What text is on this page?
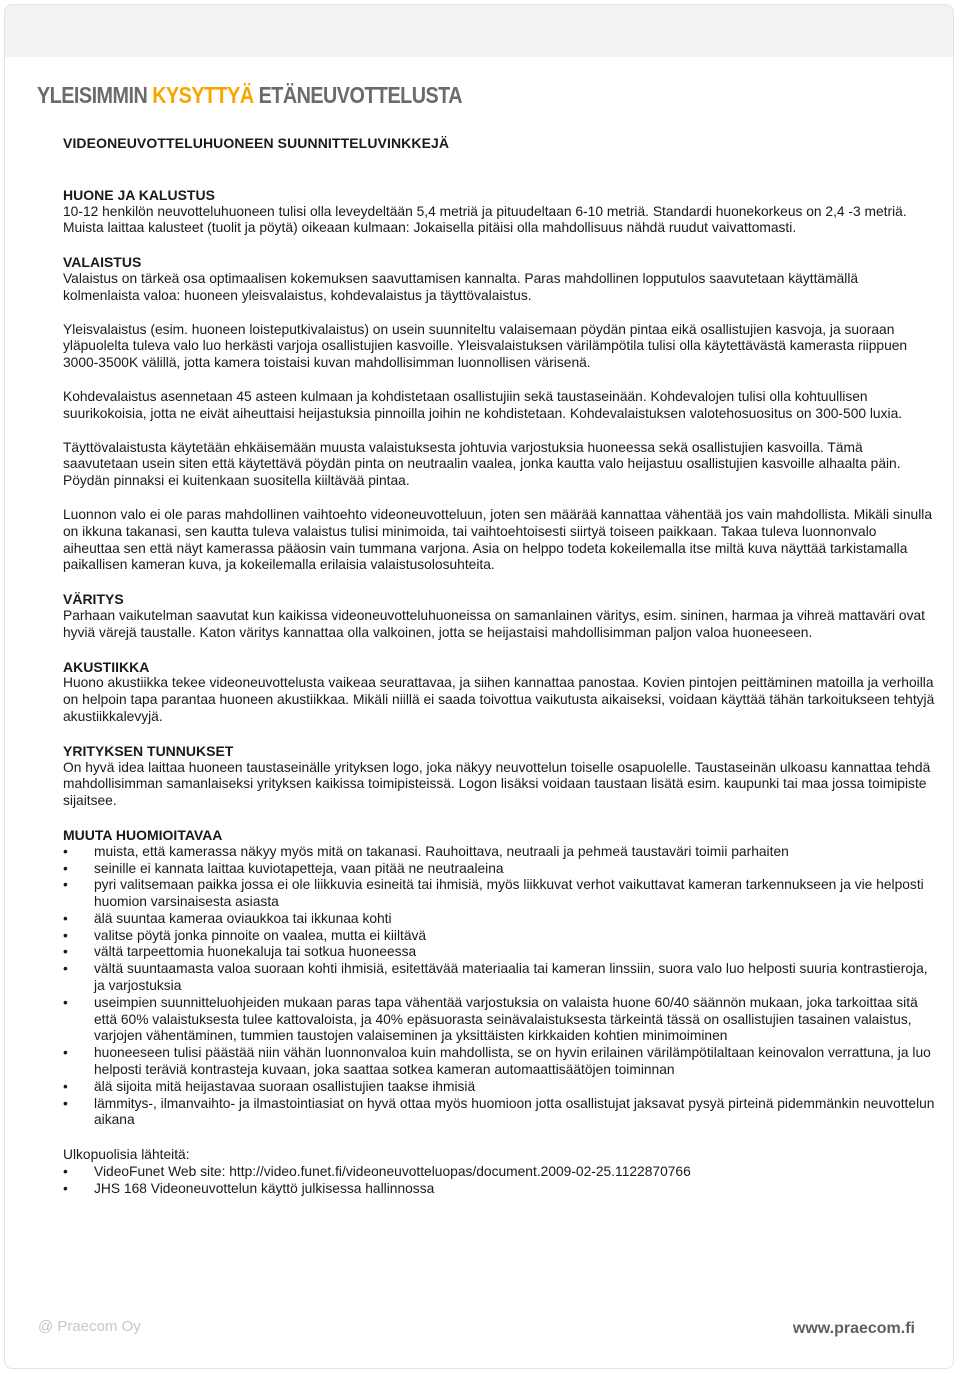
YLEISIMMIN KYSYTTYÄ ETÄNEUVOTTELUSTA
VIDEONEUVOTTELUHUONEEN SUUNNITTELUVINKKEJÄ
HUONE JA KALUSTUS

10-12 henkilön neuvotteluhuoneen tulisi olla leveydeltään 5,4 metriä ja pituudeltaan 6-10 metriä. Standardi huonekorkeus on 2,4 -3 metriä. Muista laittaa kalusteet (tuolit ja pöytä) oikeaan kulmaan: Jokaisella pitäisi olla mahdollisuus nähdä ruudut vaivattomasti.

VALAISTUS

Valaistus on tärkeä osa optimaalisen kokemuksen saavuttamisen kannalta. Paras mahdollinen lopputulos saavutetaan käyttämällä kolmenlaista valoa: huoneen yleisvalaistus, kohdevalaistus ja täyttövalaistus.

Yleisvalaistus (esim. huoneen loisteputkivalaistus) on usein suunniteltu valaisemaan pöydän pintaa eikä osallistujien kasvoja, ja suoraan yläpuolelta tuleva valo luo herkästi varjoja osallistujien kasvoille. Yleisvalaistuksen värilämpötila tulisi olla käytettävästä kamerasta riippuen 3000-3500K välillä, jotta kamera toistaisi kuvan mahdollisimman luonnollisen värisenä.

Kohdevalaistus asennetaan 45 asteen kulmaan ja kohdistetaan osallistujiin sekä taustaseinään. Kohdevalojen tulisi olla kohtuullisen suurikokoisia, jotta ne eivät aiheuttaisi heijastuksia pinnoilla joihin ne kohdistetaan. Kohdevalaistuksen valotehosuositus on 300-500 luxia.

Täyttövalaistusta käytetään ehkäisemään muusta valaistuksesta johtuvia varjostuksia huoneessa sekä osallistujien kasvoilla. Tämä saavutetaan usein siten että käytettävä pöydän pinta on neutraalin vaalea, jonka kautta valo heijastuu osallistujien kasvoille alhaalta päin. Pöydän pinnaksi ei kuitenkaan suositella kiiltävää pintaa.

Luonnon valo ei ole paras mahdollinen vaihtoehto videoneuvotteluun, joten sen määrää kannattaa vähentää jos vain mahdollista. Mikäli sinulla on ikkuna takanasi, sen kautta tuleva valaistus tulisi minimoida, tai vaihtoehtoisesti siirtyä toiseen paikkaan. Takaa tuleva luonnonvalo aiheuttaa sen että näyt kamerassa pääosin vain tummana varjona. Asia on helppo todeta kokeilemalla itse miltä kuva näyttää tarkistamalla paikallisen kameran kuva, ja kokeilemalla erilaisia valaistusolosuhteita.

VÄRITYS

Parhaan vaikutelman saavutat kun kaikissa videoneuvotteluhuoneissa on samanlainen väritys, esim. sininen, harmaa ja vihreä mattaväri ovat hyviä värejä taustalle. Katon väritys kannattaa olla valkoinen, jotta se heijastaisi mahdollisimman paljon valoa huoneeseen.

AKUSTIIKKA

Huono akustiikka tekee videoneuvottelusta vaikeaa seurattavaa, ja siihen kannattaa panostaa. Kovien pintojen peittäminen matoilla ja verhoilla on helpoin tapa parantaa huoneen akustiikkaa. Mikäli niillä ei saada toivottua vaikutusta aikaiseksi, voidaan käyttää tähän tarkoitukseen tehtyjä akustiikkalevyjä.

YRITYKSEN TUNNUKSET

On hyvä idea laittaa huoneen taustaseinälle yrityksen logo, joka näkyy neuvottelun toiselle osapuolelle. Taustaseinän ulkoasu kannattaa tehdä mahdollisimman samanlaiseksi yrityksen kaikissa toimipisteissä. Logon lisäksi voidaan taustaan lisätä esim. kaupunki tai maa jossa toimipiste sijaitsee.

MUUTA HUOMIOITAVAA
• muista, että kamerassa näkyy myös mitä on takanasi. Rauhoittava, neutraali ja pehmeä taustaväri toimii parhaiten
• seinille ei kannata laittaa kuviotapetteja, vaan pitää ne neutraaleina
• pyri valitsemaan paikka jossa ei ole liikkuvia esineitä tai ihmisiä, myös liikkuvat verhot vaikuttavat kameran tarkennukseen ja vie helposti huomion varsinaisesta asiasta
• älä suuntaa kameraa oviaukkoa tai ikkunaa kohti
• valitse pöytä jonka pinnoite on vaalea, mutta ei kiiltävä
• vältä tarpeettomia huonekaluja tai sotkua huoneessa
• vältä suuntaamasta valoa suoraan kohti ihmisiä, esitettävää materiaalia tai kameran linssiin, suora valo luo helposti suuria kontrastieroja, ja varjostuksia
• useimpien suunnitteluohjeiden mukaan paras tapa vähentää varjostuksia on valaista huone 60/40 säännön mukaan, joka tarkoittaa sitä että 60% valaistuksesta tulee kattovaloista, ja 40% epäsuorasta seinävalaistuksesta tärkeintä tässä on osallistujien tasainen valaistus, varjojen vähentäminen, tummien taustojen valaiseminen ja yksittäisten kirkkaiden kohtien minimoiminen
• huoneeseen tulisi päästää niin vähän luonnonvaloa kuin mahdollista, se on hyvin erilainen värilämpötilaltaan keinovalon verrattuna, ja luo helposti teräviä kontrasteja kuvaan, joka saattaa sotkea kameran automaattisäätöjen toiminnan
• älä sijoita mitä heijastavaa suoraan osallistujien taakse ihmisiä
• lämmitys-, ilmanvaihto- ja ilmastointiasiat on hyvä ottaa myös huomioon jotta osallistujat jaksavat pysyä pirteinä pidemmänkin neuvottelun aikana
Ulkopuolisia lähteitä:
• VideoFunet Web site: http://video.funet.fi/videoneuvotteluopas/document.2009-02-25.1122870766
• JHS 168 Videoneuvottelun käyttö julkisessa hallinnossa
@ Praecom Oy	www.praecom.fi
